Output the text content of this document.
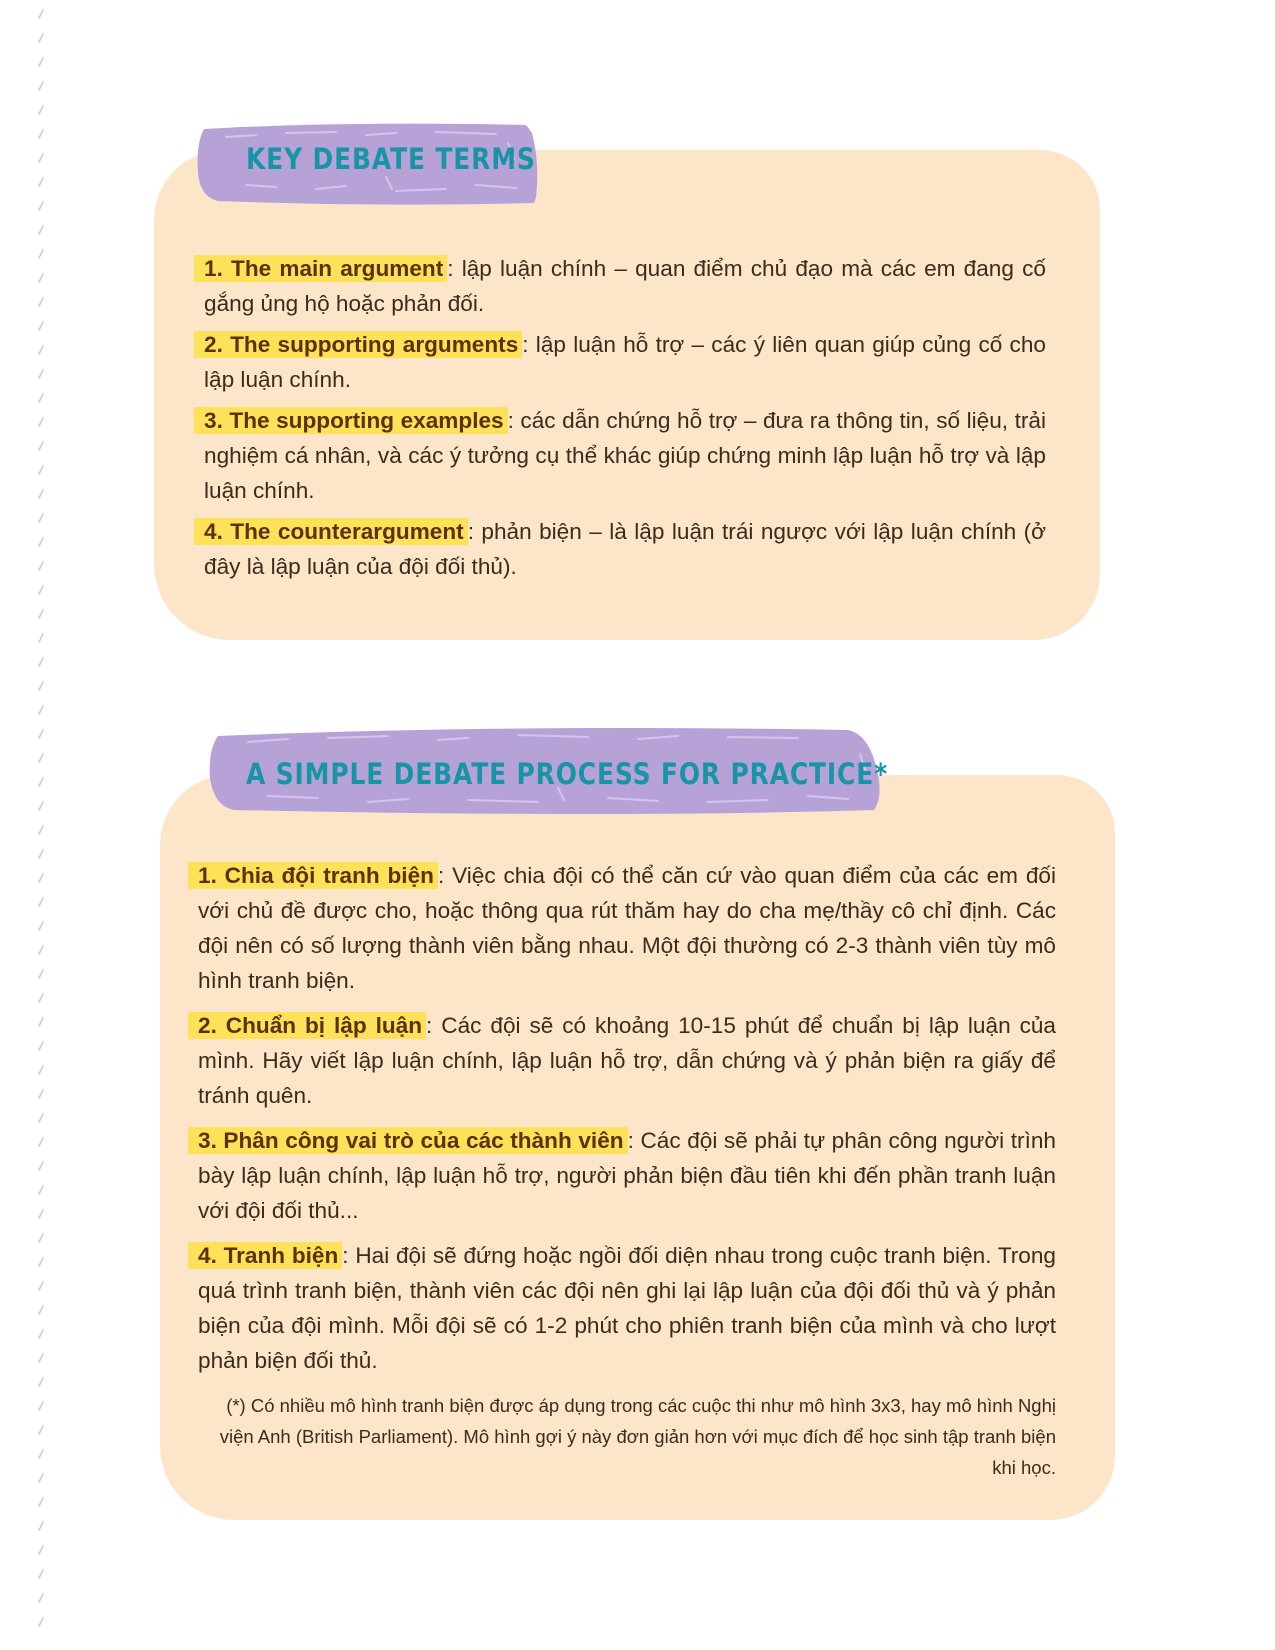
KEY DEBATE TERMS

1. The main argument : lập luận chính – quan điểm chủ đạo mà các em đang cố gắng ủng hộ hoặc phản đối.

2. The supporting arguments : lập luận hỗ trợ – các ý liên quan giúp củng cố cho lập luận chính.

3. The supporting examples : các dẫn chứng hỗ trợ – đưa ra thông tin, số liệu, trải nghiệm cá nhân, và các ý tưởng cụ thể khác giúp chứng minh lập luận hỗ trợ và lập luận chính.

4. The counterargument : phản biện – là lập luận trái ngược với lập luận chính (ở đây là lập luận của đội đối thủ).

A SIMPLE DEBATE PROCESS FOR PRACTICE*

1. Chia đội tranh biện : Việc chia đội có thể căn cứ vào quan điểm của các em đối với chủ đề được cho, hoặc thông qua rút thăm hay do cha mẹ/thầy cô chỉ định. Các đội nên có số lượng thành viên bằng nhau. Một đội thường có 2-3 thành viên tùy mô hình tranh biện.

2. Chuẩn bị lập luận : Các đội sẽ có khoảng 10-15 phút để chuẩn bị lập luận của mình. Hãy viết lập luận chính, lập luận hỗ trợ, dẫn chứng và ý phản biện ra giấy để tránh quên.

3. Phân công vai trò của các thành viên : Các đội sẽ phải tự phân công người trình bày lập luận chính, lập luận hỗ trợ, người phản biện đầu tiên khi đến phần tranh luận với đội đối thủ...

4. Tranh biện : Hai đội sẽ đứng hoặc ngồi đối diện nhau trong cuộc tranh biện. Trong quá trình tranh biện, thành viên các đội nên ghi lại lập luận của đội đối thủ và ý phản biện của đội mình. Mỗi đội sẽ có 1-2 phút cho phiên tranh biện của mình và cho lượt phản biện đối thủ.

(*) Có nhiều mô hình tranh biện được áp dụng trong các cuộc thi như mô hình 3x3, hay mô hình Nghị viện Anh (British Parliament). Mô hình gợi ý này đơn giản hơn với mục đích để học sinh tập tranh biện khi học.
